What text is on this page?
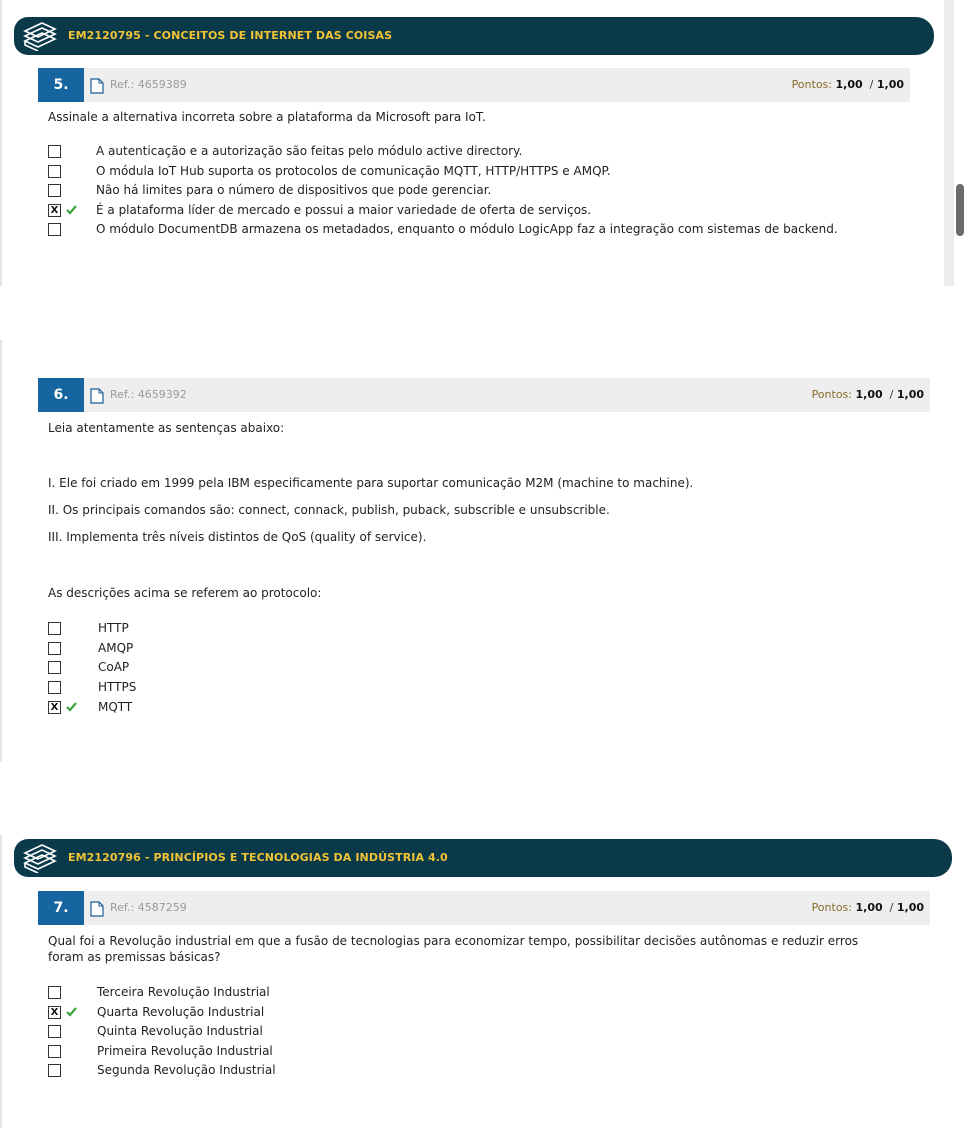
EM2120795 - CONCEITOS DE INTERNET DAS COISAS
5.	Ref.: 4659389	Pontos: 1,00 / 1,00
Assinale a alternativa incorreta sobre a plataforma da Microsoft para IoT.
A autenticação e a autorização são feitas pelo módulo active directory.
O módula IoT Hub suporta os protocolos de comunicação MQTT, HTTP/HTTPS e AMQP.
Não há limites para o número de dispositivos que pode gerenciar.
X	É a plataforma líder de mercado e possui a maior variedade de oferta de serviços.
O módulo DocumentDB armazena os metadados, enquanto o módulo LogicApp faz a integração com sistemas de backend.
6.	Ref.: 4659392	Pontos: 1,00 / 1,00
Leia atentamente as sentenças abaixo:
I. Ele foi criado em 1999 pela IBM especificamente para suportar comunicação M2M (machine to machine).
II. Os principais comandos são: connect, connack, publish, puback, subscrible e unsubscrible.
III. Implementa três níveis distintos de QoS (quality of service).
As descrições acima se referem ao protocolo:
HTTP
AMQP
CoAP
HTTPS
X	MQTT
EM2120796 - PRINCÍPIOS E TECNOLOGIAS DA INDÚSTRIA 4.0
7.	Ref.: 4587259	Pontos: 1,00 / 1,00
Qual foi a Revolução industrial em que a fusão de tecnologias para economizar tempo, possibilitar decisões autônomas e reduzir erros
foram as premissas básicas?
Terceira Revolução Industrial
X	Quarta Revolução Industrial
Quinta Revolução Industrial
Primeira Revolução Industrial
Segunda Revolução Industrial
